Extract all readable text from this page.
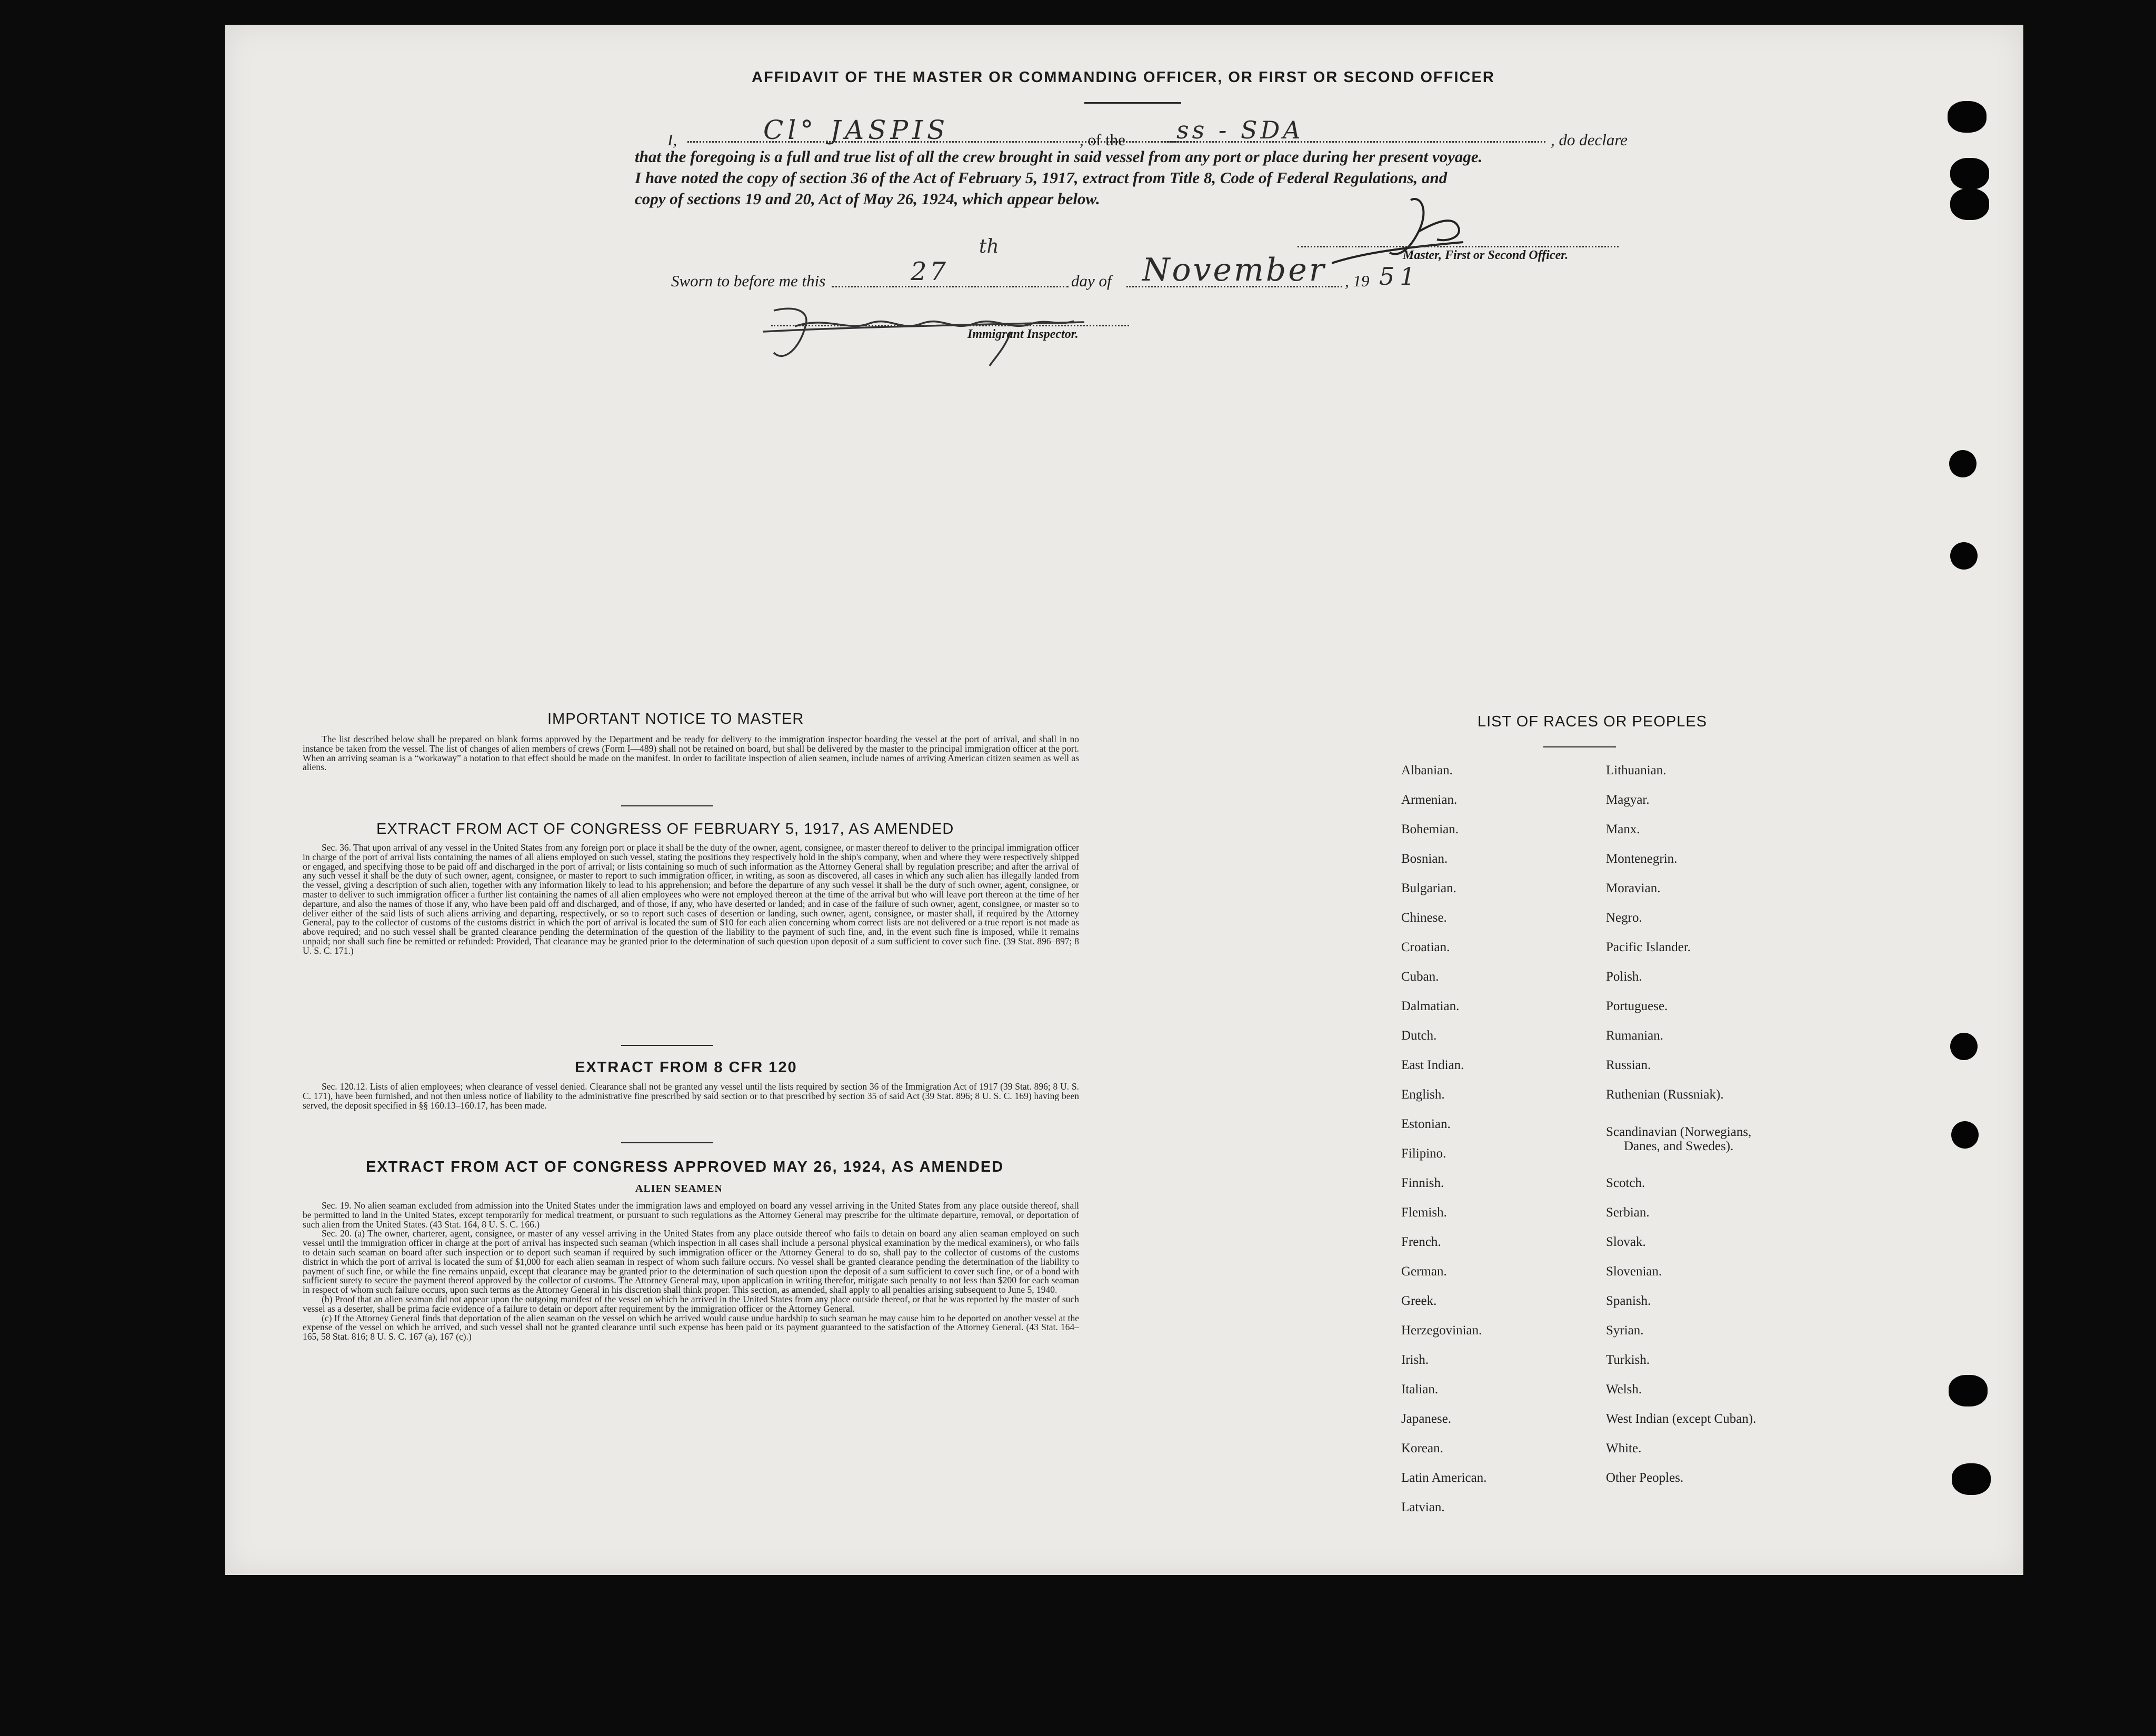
AFFIDAVIT OF THE MASTER OR COMMANDING OFFICER, OR FIRST OR SECOND OFFICER
I,	, of the	, do declare
that the foregoing is a full and true list of all the crew brought in said vessel from any port or place during her present voyage.
I have noted the copy of section 36 of the Act of February 5, 1917, extract from Title 8, Code of Federal Regulations, and
copy of sections 19 and 20, Act of May 26, 1924, which appear below.
Cl° JASPIS	ss - SDA
Master, First or Second Officer.
Sworn to before me this	27
th
day of November , 19 51
Immigrant Inspector.
IMPORTANT NOTICE TO MASTER

The list described below shall be prepared on blank forms approved by the Department and be ready for delivery to the immigration inspector boarding the vessel at the port of arrival, and shall in no instance be taken from the vessel. The list of changes of alien members of crews (Form I—489) shall not be retained on board, but shall be delivered by the master to the principal immigration officer at the port. When an arriving seaman is a “workaway” a notation to that effect should be made on the manifest. In order to facilitate inspection of alien seamen, include names of arriving American citizen seamen as well as aliens.

EXTRACT FROM ACT OF CONGRESS OF FEBRUARY 5, 1917, AS AMENDED

Sec. 36. That upon arrival of any vessel in the United States from any foreign port or place it shall be the duty of the owner, agent, consignee, or master thereof to deliver to the principal immigration officer in charge of the port of arrival lists containing the names of all aliens employed on such vessel, stating the positions they respectively hold in the ship's company, when and where they were respectively shipped or engaged, and specifying those to be paid off and discharged in the port of arrival; or lists containing so much of such information as the Attorney General shall by regulation prescribe; and after the arrival of any such vessel it shall be the duty of such owner, agent, consignee, or master to report to such immigration officer, in writing, as soon as discovered, all cases in which any such alien has illegally landed from the vessel, giving a description of such alien, together with any information likely to lead to his apprehension; and before the departure of any such vessel it shall be the duty of such owner, agent, consignee, or master to deliver to such immigration officer a further list containing the names of all alien employees who were not employed thereon at the time of the arrival but who will leave port thereon at the time of her departure, and also the names of those if any, who have been paid off and discharged, and of those, if any, who have deserted or landed; and in case of the failure of such owner, agent, consignee, or master so to deliver either of the said lists of such aliens arriving and departing, respectively, or so to report such cases of desertion or landing, such owner, agent, consignee, or master shall, if required by the Attorney General, pay to the collector of customs of the customs district in which the port of arrival is located the sum of $10 for each alien concerning whom correct lists are not delivered or a true report is not made as above required; and no such vessel shall be granted clearance pending the determination of the question of the liability to the payment of such fine, and, in the event such fine is imposed, while it remains unpaid; nor shall such fine be remitted or refunded: Provided, That clearance may be granted prior to the determination of such question upon deposit of a sum sufficient to cover such fine. (39 Stat. 896–897; 8 U. S. C. 171.)

EXTRACT FROM 8 CFR 120

Sec. 120.12. Lists of alien employees; when clearance of vessel denied. Clearance shall not be granted any vessel until the lists required by section 36 of the Immigration Act of 1917 (39 Stat. 896; 8 U. S. C. 171), have been furnished, and not then unless notice of liability to the administrative fine prescribed by said section or to that prescribed by section 35 of said Act (39 Stat. 896; 8 U. S. C. 169) having been served, the deposit specified in §§ 160.13–160.17, has been made.

EXTRACT FROM ACT OF CONGRESS APPROVED MAY 26, 1924, AS AMENDED
ALIEN SEAMEN

Sec. 19. No alien seaman excluded from admission into the United States under the immigration laws and employed on board any vessel arriving in the United States from any place outside thereof, shall be permitted to land in the United States, except temporarily for medical treatment, or pursuant to such regulations as the Attorney General may prescribe for the ultimate departure, removal, or deportation of such alien from the United States. (43 Stat. 164, 8 U. S. C. 166.)

Sec. 20. (a) The owner, charterer, agent, consignee, or master of any vessel arriving in the United States from any place outside thereof who fails to detain on board any alien seaman employed on such vessel until the immigration officer in charge at the port of arrival has inspected such seaman (which inspection in all cases shall include a personal physical examination by the medical examiners), or who fails to detain such seaman on board after such inspection or to deport such seaman if required by such immigration officer or the Attorney General to do so, shall pay to the collector of customs of the customs district in which the port of arrival is located the sum of $1,000 for each alien seaman in respect of whom such failure occurs. No vessel shall be granted clearance pending the determination of the liability to payment of such fine, or while the fine remains unpaid, except that clearance may be granted prior to the determination of such question upon the deposit of a sum sufficient to cover such fine, or of a bond with sufficient surety to secure the payment thereof approved by the collector of customs. The Attorney General may, upon application in writing therefor, mitigate such penalty to not less than $200 for each seaman in respect of whom such failure occurs, upon such terms as the Attorney General in his discretion shall think proper. This section, as amended, shall apply to all penalties arising subsequent to June 5, 1940.

(b) Proof that an alien seaman did not appear upon the outgoing manifest of the vessel on which he arrived in the United States from any place outside thereof, or that he was reported by the master of such vessel as a deserter, shall be prima facie evidence of a failure to detain or deport after requirement by the immigration officer or the Attorney General.

(c) If the Attorney General finds that deportation of the alien seaman on the vessel on which he arrived would cause undue hardship to such seaman he may cause him to be deported on another vessel at the expense of the vessel on which he arrived, and such vessel shall not be granted clearance until such expense has been paid or its payment guaranteed to the satisfaction of the Attorney General. (43 Stat. 164–165, 58 Stat. 816; 8 U. S. C. 167 (a), 167 (c).)

LIST OF RACES OR PEOPLES
Albanian.
Armenian.
Bohemian.
Bosnian.
Bulgarian.
Chinese.
Croatian.
Cuban.
Dalmatian.
Dutch.
East Indian.
English.
Estonian.
Filipino.
Finnish.
Flemish.
French.
German.
Greek.
Herzegovinian.
Irish.
Italian.
Japanese.
Korean.
Latin American.
Latvian.
Lithuanian.
Magyar.
Manx.
Montenegrin.
Moravian.
Negro.
Pacific Islander.
Polish.
Portuguese.
Rumanian.
Russian.
Ruthenian (Russniak).
Scandinavian (Norwegians,
Danes, and Swedes).
Scotch.
Serbian.
Slovak.
Slovenian.
Spanish.
Syrian.
Turkish.
Welsh.
West Indian (except Cuban).
White.
Other Peoples.
